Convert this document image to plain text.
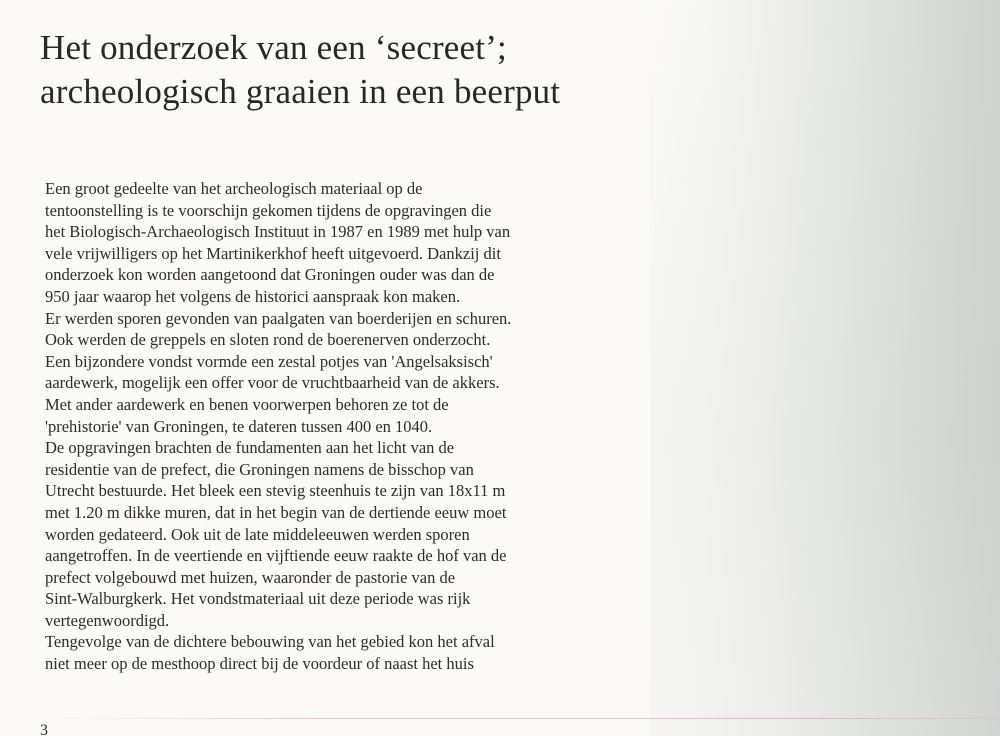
Het onderzoek van een ‘secreet’;
archeologisch graaien in een beerput
Een groot gedeelte van het archeologisch materiaal op de
tentoonstelling is te voorschijn gekomen tijdens de opgravingen die
het Biologisch-Archaeologisch Instituut in 1987 en 1989 met hulp van
vele vrijwilligers op het Martinikerkhof heeft uitgevoerd. Dankzij dit
onderzoek kon worden aangetoond dat Groningen ouder was dan de
950 jaar waarop het volgens de historici aanspraak kon maken.
Er werden sporen gevonden van paalgaten van boerderijen en schuren.
Ook werden de greppels en sloten rond de boerenerven onderzocht.
Een bijzondere vondst vormde een zestal potjes van 'Angelsaksisch'
aardewerk, mogelijk een offer voor de vruchtbaarheid van de akkers.
Met ander aardewerk en benen voorwerpen behoren ze tot de
'prehistorie' van Groningen, te dateren tussen 400 en 1040.
De opgravingen brachten de fundamenten aan het licht van de
residentie van de prefect, die Groningen namens de bisschop van
Utrecht bestuurde. Het bleek een stevig steenhuis te zijn van 18x11 m
met 1.20 m dikke muren, dat in het begin van de dertiende eeuw moet
worden gedateerd. Ook uit de late middeleeuwen werden sporen
aangetroffen. In de veertiende en vijftiende eeuw raakte de hof van de
prefect volgebouwd met huizen, waaronder de pastorie van de
Sint-Walburgkerk. Het vondstmateriaal uit deze periode was rijk
vertegenwoordigd.
Tengevolge van de dichtere bebouwing van het gebied kon het afval
niet meer op de mesthoop direct bij de voordeur of naast het huis
3
